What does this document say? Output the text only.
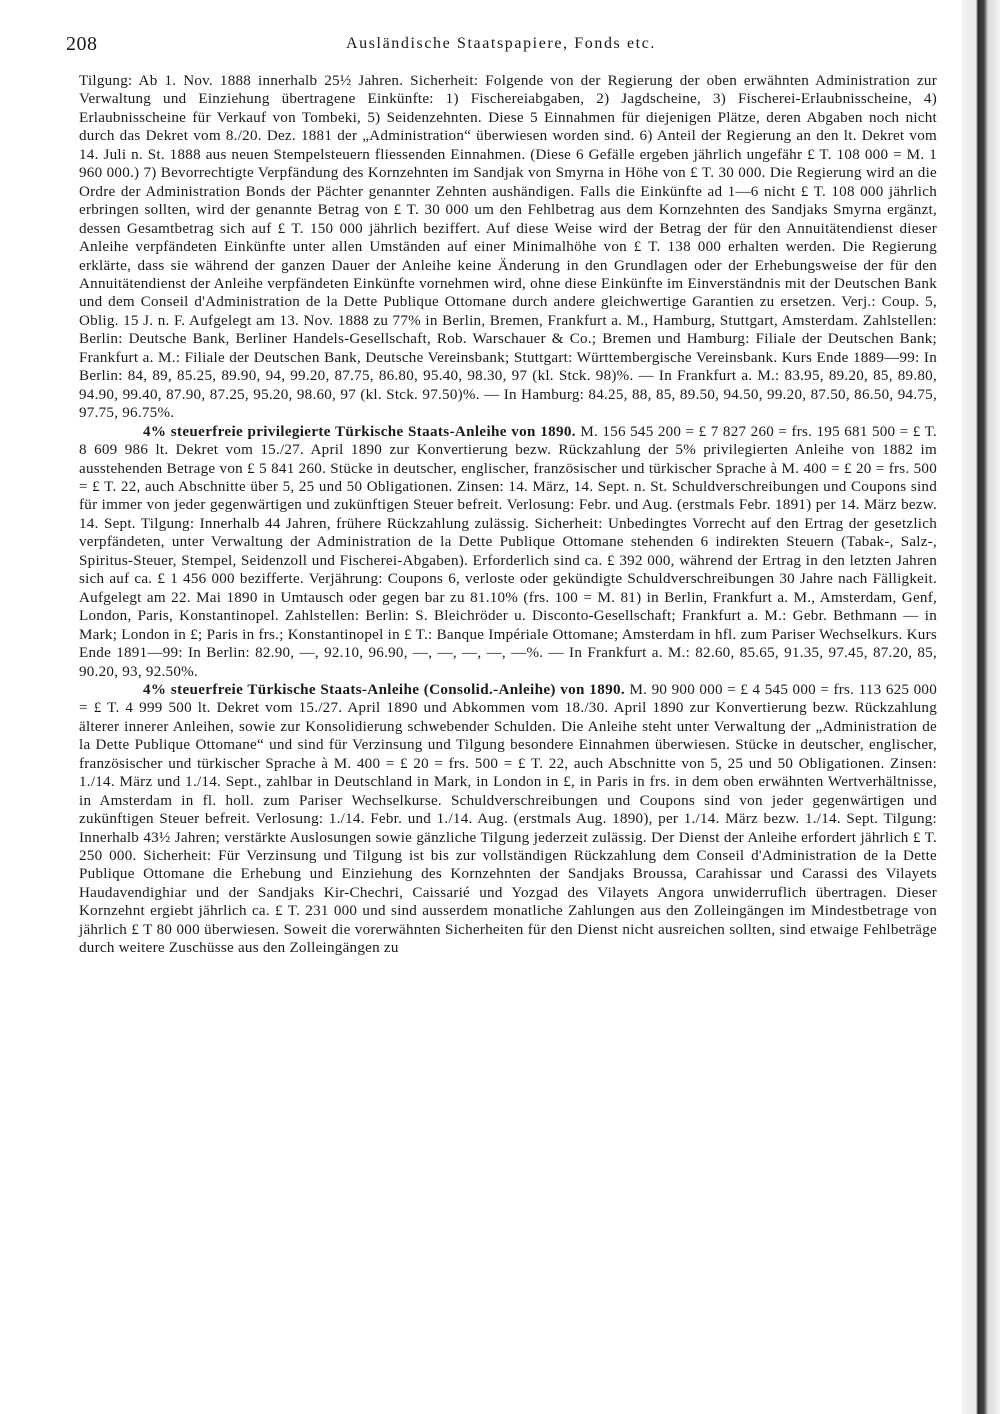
208	Ausländische Staatspapiere, Fonds etc.

Tilgung: Ab 1. Nov. 1888 innerhalb 25½ Jahren. Sicherheit: Folgende von der Regierung der oben erwähnten Administration zur Verwaltung und Einziehung übertragene Einkünfte: 1) Fischereiabgaben, 2) Jagdscheine, 3) Fischerei-Erlaubnisscheine, 4) Erlaubnisscheine für Verkauf von Tombeki, 5) Seidenzehnten. Diese 5 Einnahmen für diejenigen Plätze, deren Abgaben noch nicht durch das Dekret vom 8./20. Dez. 1881 der „Administration“ überwiesen worden sind. 6) Anteil der Regierung an den lt. Dekret vom 14. Juli n. St. 1888 aus neuen Stempelsteuern fliessenden Einnahmen. (Diese 6 Gefälle ergeben jährlich ungefähr £ T. 108 000 = M. 1 960 000.) 7) Bevorrechtigte Verpfändung des Kornzehnten im Sandjak von Smyrna in Höhe von £ T. 30 000. Die Regierung wird an die Ordre der Administration Bonds der Pächter genannter Zehnten aushändigen. Falls die Einkünfte ad 1—6 nicht £ T. 108 000 jährlich erbringen sollten, wird der genannte Betrag von £ T. 30 000 um den Fehlbetrag aus dem Kornzehnten des Sandjaks Smyrna ergänzt, dessen Gesamtbetrag sich auf £ T. 150 000 jährlich beziffert. Auf diese Weise wird der Betrag der für den Annuitätendienst dieser Anleihe verpfändeten Einkünfte unter allen Umständen auf einer Minimalhöhe von £ T. 138 000 erhalten werden. Die Regierung erklärte, dass sie während der ganzen Dauer der Anleihe keine Änderung in den Grundlagen oder der Erhebungsweise der für den Annuitätendienst der Anleihe verpfändeten Einkünfte vornehmen wird, ohne diese Einkünfte im Einverständnis mit der Deutschen Bank und dem Conseil d'Administration de la Dette Publique Ottomane durch andere gleichwertige Garantien zu ersetzen. Verj.: Coup. 5, Oblig. 15 J. n. F. Aufgelegt am 13. Nov. 1888 zu 77% in Berlin, Bremen, Frankfurt a. M., Hamburg, Stuttgart, Amsterdam. Zahlstellen: Berlin: Deutsche Bank, Berliner Handels-Gesellschaft, Rob. Warschauer & Co.; Bremen und Hamburg: Filiale der Deutschen Bank; Frankfurt a. M.: Filiale der Deutschen Bank, Deutsche Vereinsbank; Stuttgart: Württembergische Vereinsbank. Kurs Ende 1889—99: In Berlin: 84, 89, 85.25, 89.90, 94, 99.20, 87.75, 86.80, 95.40, 98.30, 97 (kl. Stck. 98)%. — In Frankfurt a. M.: 83.95, 89.20, 85, 89.80, 94.90, 99.40, 87.90, 87.25, 95.20, 98.60, 97 (kl. Stck. 97.50)%. — In Hamburg: 84.25, 88, 85, 89.50, 94.50, 99.20, 87.50, 86.50, 94.75, 97.75, 96.75%.

4% steuerfreie privilegierte Türkische Staats-Anleihe von 1890. M. 156 545 200 = £ 7 827 260 = frs. 195 681 500 = £ T. 8 609 986 lt. Dekret vom 15./27. April 1890 zur Konvertierung bezw. Rückzahlung der 5% privilegierten Anleihe von 1882 im ausstehenden Betrage von £ 5 841 260. Stücke in deutscher, englischer, französischer und türkischer Sprache à M. 400 = £ 20 = frs. 500 = £ T. 22, auch Abschnitte über 5, 25 und 50 Obligationen. Zinsen: 14. März, 14. Sept. n. St. Schuldverschreibungen und Coupons sind für immer von jeder gegenwärtigen und zukünftigen Steuer befreit. Verlosung: Febr. und Aug. (erstmals Febr. 1891) per 14. März bezw. 14. Sept. Tilgung: Innerhalb 44 Jahren, frühere Rückzahlung zulässig. Sicherheit: Unbedingtes Vorrecht auf den Ertrag der gesetzlich verpfändeten, unter Verwaltung der Administration de la Dette Publique Ottomane stehenden 6 indirekten Steuern (Tabak-, Salz-, Spiritus-Steuer, Stempel, Seidenzoll und Fischerei-Abgaben). Erforderlich sind ca. £ 392 000, während der Ertrag in den letzten Jahren sich auf ca. £ 1 456 000 bezifferte. Verjährung: Coupons 6, verloste oder gekündigte Schuldverschreibungen 30 Jahre nach Fälligkeit. Aufgelegt am 22. Mai 1890 in Umtausch oder gegen bar zu 81.10% (frs. 100 = M. 81) in Berlin, Frankfurt a. M., Amsterdam, Genf, London, Paris, Konstantinopel. Zahlstellen: Berlin: S. Bleichröder u. Disconto-Gesellschaft; Frankfurt a. M.: Gebr. Bethmann — in Mark; London in £; Paris in frs.; Konstantinopel in £ T.: Banque Impériale Ottomane; Amsterdam in hfl. zum Pariser Wechselkurs. Kurs Ende 1891—99: In Berlin: 82.90, —, 92.10, 96.90, —, —, —, —, —%. — In Frankfurt a. M.: 82.60, 85.65, 91.35, 97.45, 87.20, 85, 90.20, 93, 92.50%.

4% steuerfreie Türkische Staats-Anleihe (Consolid.-Anleihe) von 1890. M. 90 900 000 = £ 4 545 000 = frs. 113 625 000 = £ T. 4 999 500 lt. Dekret vom 15./27. April 1890 und Abkommen vom 18./30. April 1890 zur Konvertierung bezw. Rückzahlung älterer innerer Anleihen, sowie zur Konsolidierung schwebender Schulden. Die Anleihe steht unter Verwaltung der „Administration de la Dette Publique Ottomane“ und sind für Verzinsung und Tilgung besondere Einnahmen überwiesen. Stücke in deutscher, englischer, französischer und türkischer Sprache à M. 400 = £ 20 = frs. 500 = £ T. 22, auch Abschnitte von 5, 25 und 50 Obligationen. Zinsen: 1./14. März und 1./14. Sept., zahlbar in Deutschland in Mark, in London in £, in Paris in frs. in dem oben erwähnten Wertverhältnisse, in Amsterdam in fl. holl. zum Pariser Wechselkurse. Schuldverschreibungen und Coupons sind von jeder gegenwärtigen und zukünftigen Steuer befreit. Verlosung: 1./14. Febr. und 1./14. Aug. (erstmals Aug. 1890), per 1./14. März bezw. 1./14. Sept. Tilgung: Innerhalb 43½ Jahren; verstärkte Auslosungen sowie gänzliche Tilgung jederzeit zulässig. Der Dienst der Anleihe erfordert jährlich £ T. 250 000. Sicherheit: Für Verzinsung und Tilgung ist bis zur vollständigen Rückzahlung dem Conseil d'Administration de la Dette Publique Ottomane die Erhebung und Einziehung des Kornzehnten der Sandjaks Broussa, Carahissar und Carassi des Vilayets Haudavendighiar und der Sandjaks Kir-Chechri, Caissarié und Yozgad des Vilayets Angora unwiderruflich übertragen. Dieser Kornzehnt ergiebt jährlich ca. £ T. 231 000 und sind ausserdem monatliche Zahlungen aus den Zolleingängen im Mindestbetrage von jährlich £ T 80 000 überwiesen. Soweit die vorerwähnten Sicherheiten für den Dienst nicht ausreichen sollten, sind etwaige Fehlbeträge durch weitere Zuschüsse aus den Zolleingängen zu
